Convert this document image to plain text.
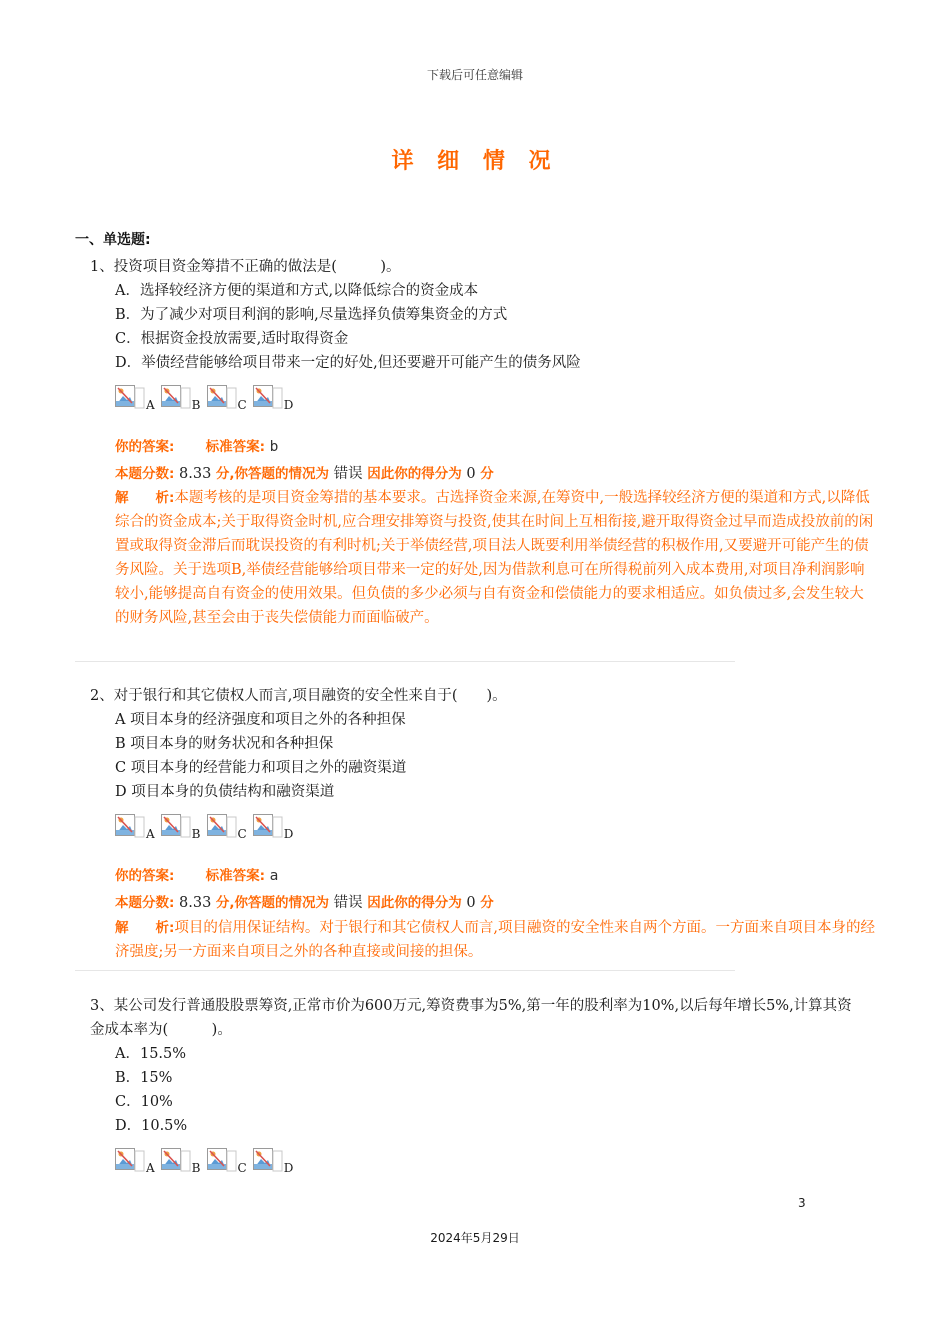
下载后可任意编辑
详 细 情 况
一、单选题:
1、投资项目资金筹措不正确的做法是(　　　)。
A．选择较经济方便的渠道和方式,以降低综合的资金成本
B．为了减少对项目利润的影响,尽量选择负债筹集资金的方式
C．根据资金投放需要,适时取得资金
D．举债经营能够给项目带来一定的好处,但还要避开可能产生的债务风险
A	B	C	D
你的答案: 标准答案: b
本题分数: 8.33 分,你答题的情况为 错误 因此你的得分为 0 分
解　　析:本题考核的是项目资金筹措的基本要求。古选择资金来源,在筹资中,一般选择较经济方便的渠道和方式,以降低综合的资金成本;关于取得资金时机,应合理安排筹资与投资,使其在时间上互相衔接,避开取得资金过早而造成投放前的闲置或取得资金滞后而耽误投资的有利时机;关于举债经营,项目法人既要利用举债经营的积极作用,又要避开可能产生的债务风险。关于选项B,举债经营能够给项目带来一定的好处,因为借款利息可在所得税前列入成本费用,对项目净利润影响较小,能够提高自有资金的使用效果。但负债的多少必须与自有资金和偿债能力的要求相适应。如负债过多,会发生较大的财务风险,甚至会由于丧失偿债能力而面临破产。
2、对于银行和其它债权人而言,项目融资的安全性来自于(　　)。
A 项目本身的经济强度和项目之外的各种担保
B 项目本身的财务状况和各种担保
C 项目本身的经营能力和项目之外的融资渠道
D 项目本身的负债结构和融资渠道
A	B	C	D
你的答案: 标准答案: a
本题分数: 8.33 分,你答题的情况为 错误 因此你的得分为 0 分
解　　析:项目的信用保证结构。对于银行和其它债权人而言,项目融资的安全性来自两个方面。一方面来自项目本身的经济强度;另一方面来自项目之外的各种直接或间接的担保。
3、某公司发行普通股股票筹资,正常市价为600万元,筹资费事为5%,第一年的股利率为10%,以后每年增长5%,计算其资金成本率为(　　　)。
A．15.5%
B．15%
C．10%
D．10.5%
A	B	C	D
3
2024年5月29日
